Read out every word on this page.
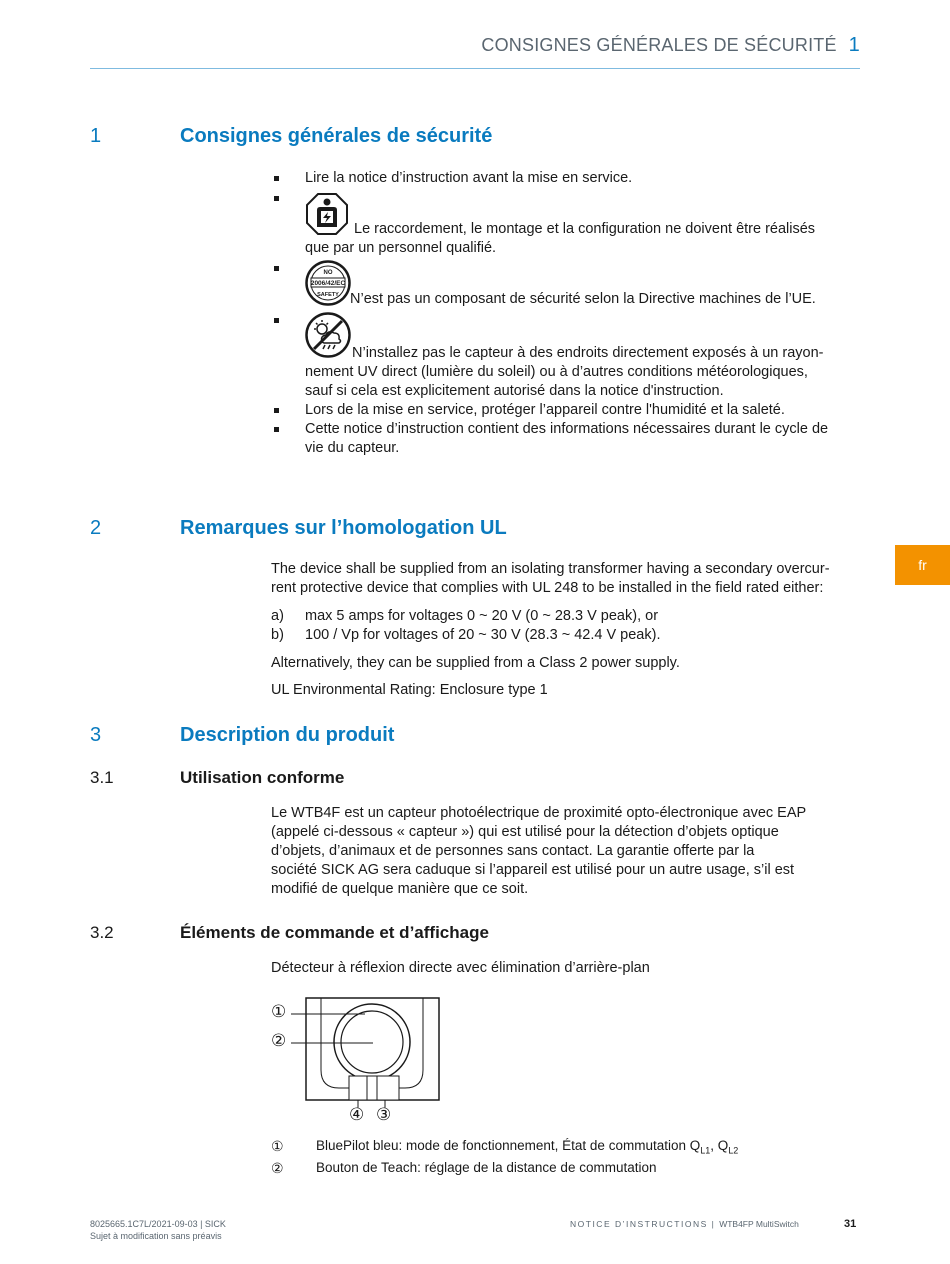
CONSIGNES GÉNÉRALES DE SÉCURITÉ 1
1	Consignes générales de sécurité
Lire la notice d’instruction avant la mise en service.
Le raccordement, le montage et la configuration ne doivent être réalisés
que par un personnel qualifié.
NO
2006/42/EC
SAFETY N’est pas un composant de sécurité selon la Directive machines de l’UE.
N’installez pas le capteur à des endroits directement exposés à un rayon-
nement UV direct (lumière du soleil) ou à d’autres conditions météorologiques,
sauf si cela est explicitement autorisé dans la notice d'instruction.
Lors de la mise en service, protéger l’appareil contre l'humidité et la saleté.
Cette notice d’instruction contient des informations nécessaires durant le cycle de
vie du capteur.
2	Remarques sur l’homologation UL
The device shall be supplied from an isolating transformer having a secondary overcur-
rent protective device that complies with UL 248 to be installed in the field rated either:
a) max 5 amps for voltages 0 ~ 20 V (0 ~ 28.3 V peak), or
b) 100 / Vp for voltages of 20 ~ 30 V (28.3 ~ 42.4 V peak).
Alternatively, they can be supplied from a Class 2 power supply.
UL Environmental Rating: Enclosure type 1
3	Description du produit
3.1	Utilisation conforme
Le WTB4F est un capteur photoélectrique de proximité opto-électronique avec EAP
(appelé ci-dessous « capteur ») qui est utilisé pour la détection d’objets optique
d’objets, d’animaux et de personnes sans contact. La garantie offerte par la
société SICK AG sera caduque si l’appareil est utilisé pour un autre usage, s’il est
modifié de quelque manière que ce soit.
3.2	Éléments de commande et d’affichage
Détecteur à réflexion directe avec élimination d’arrière-plan
①
②
④ ③
① BluePilot bleu: mode de fonctionnement, État de commutation $Q_{L1}$, $Q_{L2}$
② Bouton de Teach: réglage de la distance de commutation
fr
8025665.1C7L/2021-09-03 | SICK
Sujet à modification sans préavis
NOTICE D’INSTRUCTIONS | WTB4FP MultiSwitch	31
